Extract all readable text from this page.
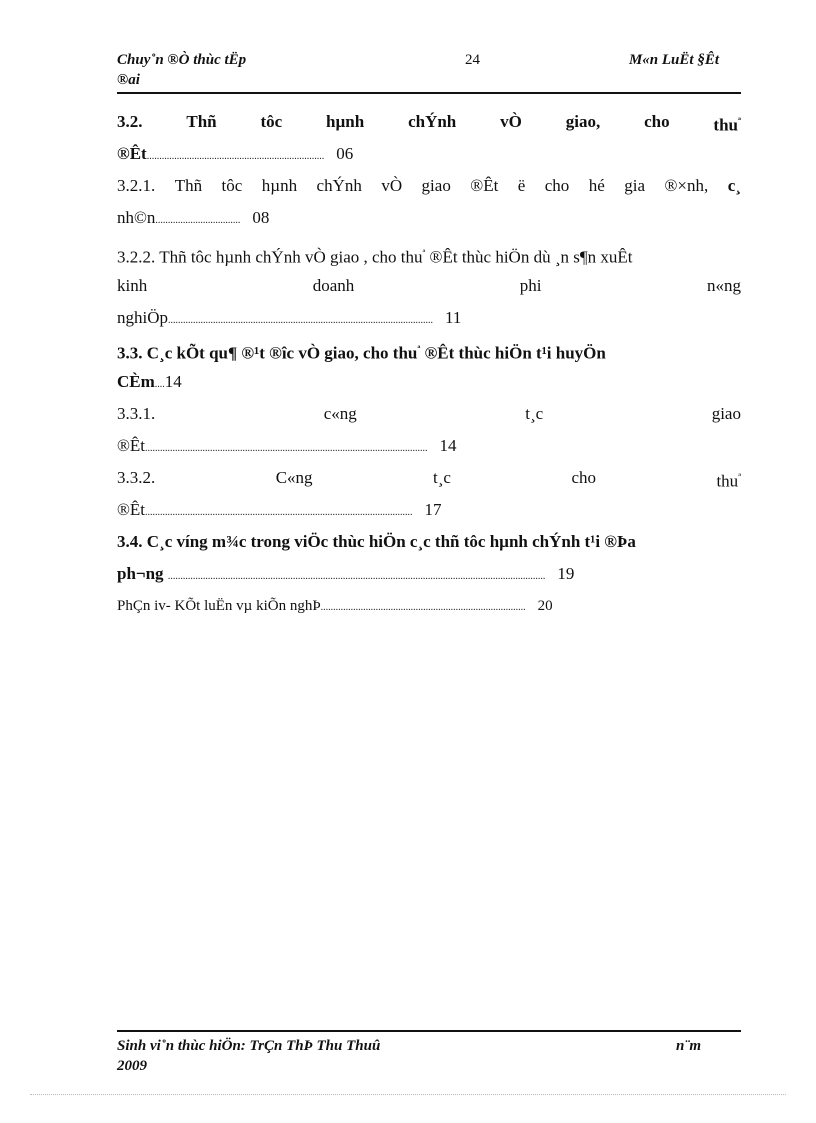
Chuy˚n ®Ò thùc tËp
®ai
24	M«n LuËt §Êt
3.2.	Thñ	tôc	hµnh	chÝnh	vÒ	giao,	cho	thu$^ª$
®Êt....................................................................... 06
3.2.1. Thñ tôc hµnh chÝnh vÒ giao ®Êt ë cho hé gia ®×nh, c¸
nh©n.................................. 08
3.2.2. Thñ tôc hµnh chÝnh vÒ giao , cho thu$^ª$ ®Êt thùc hiÖn dù ¸n s¶n xuÊt
kinh	doanh	phi	n«ng
nghiÖp.......................................................................................................... 11
3.3. C¸c kÕt qu¶ ®¹t ®îc vÒ giao, cho thu$^ª$ ®Êt thùc hiÖn t¹i huyÖn
CÈm....14
3.3.1.	c«ng	t¸c	giao
®Êt................................................................................................................. 14
3.3.2.	C«ng	t¸c	cho	thu$^ª$
®Êt........................................................................................................... 17
3.4. C¸c víng m¾c trong viÖc thùc hiÖn c¸c thñ tôc hµnh chÝnh t¹i ®Þa
ph¬ng ....................................................................................................................................................... 19
PhÇn iv- KÕt luËn vµ kiÕn nghÞ.................................................................................. 20
Sinh vi˚n thùc hiÖn: TrÇn ThÞ Thu Thuû
2009
n¨m
